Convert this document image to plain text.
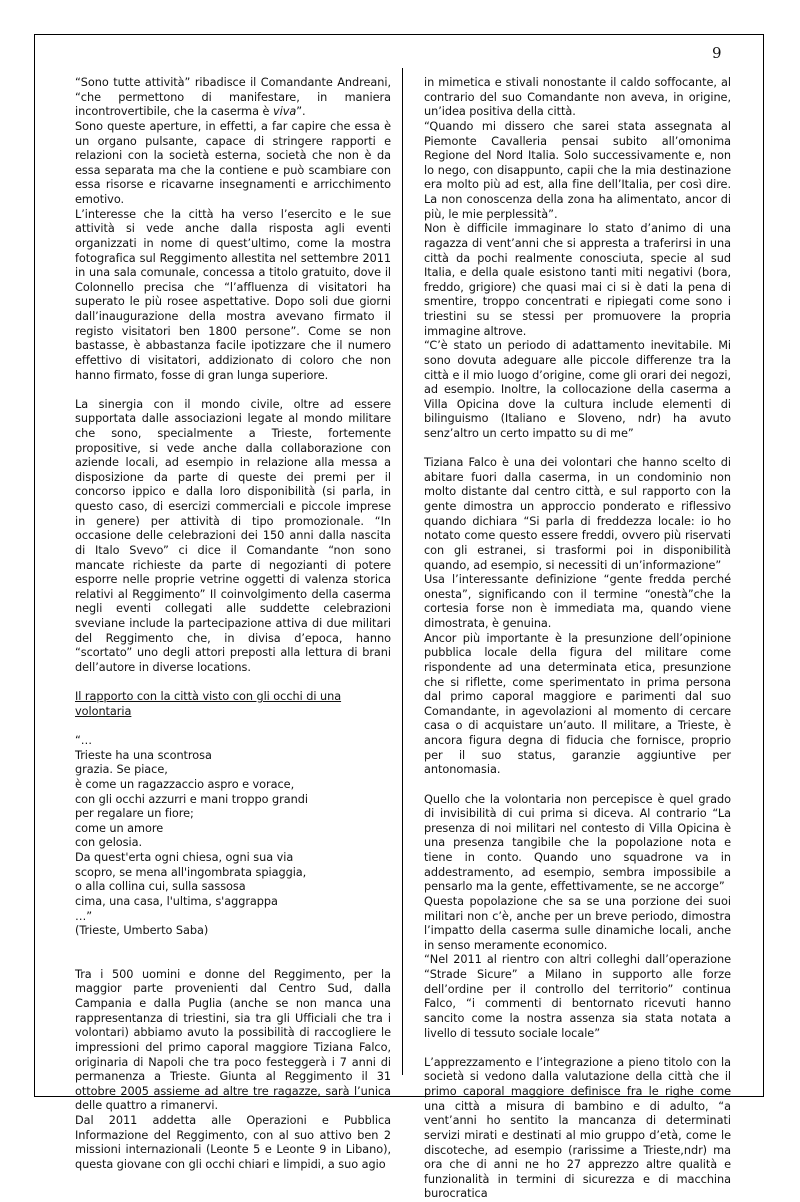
9

“Sono tutte attività” ribadisce il Comandante Andreani, “che permettono di manifestare, in maniera incontrovertibile, che la caserma è viva”.

Sono queste aperture, in effetti, a far capire che essa è un organo pulsante, capace di stringere rapporti e relazioni con la società esterna, società che non è da essa separata ma che la contiene e può scambiare con essa risorse e ricavarne insegnamenti e arricchimento emotivo.

L’interesse che la città ha verso l’esercito e le sue attività si vede anche dalla risposta agli eventi organizzati in nome di quest’ultimo, come la mostra fotografica sul Reggimento allestita nel settembre 2011 in una sala comunale, concessa a titolo gratuito, dove il Colonnello precisa che “l’affluenza di visitatori ha superato le più rosee aspettative. Dopo soli due giorni dall’inaugurazione della mostra avevano firmato il registo visitatori ben 1800 persone”. Come se non bastasse, è abbastanza facile ipotizzare che il numero effettivo di visitatori, addizionato di coloro che non hanno firmato, fosse di gran lunga superiore.

La sinergia con il mondo civile, oltre ad essere supportata dalle associazioni legate al mondo militare che sono, specialmente a Trieste, fortemente propositive, si vede anche dalla collaborazione con aziende locali, ad esempio in relazione alla messa a disposizione da parte di queste dei premi per il concorso ippico e dalla loro disponibilità (si parla, in questo caso, di esercizi commerciali e piccole imprese in genere) per attività di tipo promozionale. “In occasione delle celebrazioni dei 150 anni dalla nascita di Italo Svevo” ci dice il Comandante “non sono mancate richieste da parte di negozianti di potere esporre nelle proprie vetrine oggetti di valenza storica relativi al Reggimento” Il coinvolgimento della caserma negli eventi collegati alle suddette celebrazioni sveviane include la partecipazione attiva di due militari del Reggimento che, in divisa d’epoca, hanno “scortato” uno degli attori preposti alla lettura di brani dell’autore in diverse locations.

Il rapporto con la città visto con gli occhi di una volontaria

“…

Trieste ha una scontrosa

grazia. Se piace,

è come un ragazzaccio aspro e vorace,

con gli occhi azzurri e mani troppo grandi

per regalare un fiore;

come un amore

con gelosia.

Da quest'erta ogni chiesa, ogni sua via

scopro, se mena all'ingombrata spiaggia,

o alla collina cui, sulla sassosa

cima, una casa, l'ultima, s'aggrappa

…”

(Trieste, Umberto Saba)

Tra i 500 uomini e donne del Reggimento, per la maggior parte provenienti dal Centro Sud, dalla Campania e dalla Puglia (anche se non manca una rappresentanza di triestini, sia tra gli Ufficiali che tra i volontari) abbiamo avuto la possibilità di raccogliere le impressioni del primo caporal maggiore Tiziana Falco, originaria di Napoli che tra poco festeggerà i 7 anni di permanenza a Trieste. Giunta al Reggimento il 31 ottobre 2005 assieme ad altre tre ragazze, sarà l’unica delle quattro a rimanervi.

Dal 2011 addetta alle Operazioni e Pubblica Informazione del Reggimento, con al suo attivo ben 2 missioni internazionali (Leonte 5 e Leonte 9 in Libano), questa giovane con gli occhi chiari e limpidi, a suo agio

in mimetica e stivali nonostante il caldo soffocante, al contrario del suo Comandante non aveva, in origine, un’idea positiva della città.

“Quando mi dissero che sarei stata assegnata al Piemonte Cavalleria pensai subito all’omonima Regione del Nord Italia. Solo successivamente e, non lo nego, con disappunto, capii che la mia destinazione era molto più ad est, alla fine dell’Italia, per così dire. La non conoscenza della zona ha alimentato, ancor di più, le mie perplessità”.

Non è difficile immaginare lo stato d’animo di una ragazza di vent’anni che si appresta a traferirsi in una città da pochi realmente conosciuta, specie al sud Italia, e della quale esistono tanti miti negativi (bora, freddo, grigiore) che quasi mai ci si è dati la pena di smentire, troppo concentrati e ripiegati come sono i triestini su se stessi per promuovere la propria immagine altrove.

“C’è stato un periodo di adattamento inevitabile. Mi sono dovuta adeguare alle piccole differenze tra la città e il mio luogo d’origine, come gli orari dei negozi, ad esempio. Inoltre, la collocazione della caserma a Villa Opicina dove la cultura include elementi di bilinguismo (Italiano e Sloveno, ndr) ha avuto senz’altro un certo impatto su di me”

Tiziana Falco è una dei volontari che hanno scelto di abitare fuori dalla caserma, in un condominio non molto distante dal centro città, e sul rapporto con la gente dimostra un approccio ponderato e riflessivo quando dichiara “Si parla di freddezza locale: io ho notato come questo essere freddi, ovvero più riservati con gli estranei, si trasformi poi in disponibilità quando, ad esempio, si necessiti di un’informazione”

Usa l’interessante definizione “gente fredda perché onesta”, significando con il termine “onestà”che la cortesia forse non è immediata ma, quando viene dimostrata, è genuina.

Ancor più importante è la presunzione dell’opinione pubblica locale della figura del militare come rispondente ad una determinata etica, presunzione che si riflette, come sperimentato in prima persona dal primo caporal maggiore e parimenti dal suo Comandante, in agevolazioni al momento di cercare casa o di acquistare un’auto. Il militare, a Trieste, è ancora figura degna di fiducia che fornisce, proprio per il suo status, garanzie aggiuntive per antonomasia.

Quello che la volontaria non percepisce è quel grado di invisibilità di cui prima si diceva. Al contrario “La presenza di noi militari nel contesto di Villa Opicina è una presenza tangibile che la popolazione nota e tiene in conto. Quando uno squadrone va in addestramento, ad esempio, sembra impossibile a pensarlo ma la gente, effettivamente, se ne accorge”

Questa popolazione che sa se una porzione dei suoi militari non c’è, anche per un breve periodo, dimostra l’impatto della caserma sulle dinamiche locali, anche in senso meramente economico.

“Nel 2011 al rientro con altri colleghi dall’operazione “Strade Sicure” a Milano in supporto alle forze dell’ordine per il controllo del territorio” continua Falco, “i commenti di bentornato ricevuti hanno sancito come la nostra assenza sia stata notata a livello di tessuto sociale locale”

L’apprezzamento e l’integrazione a pieno titolo con la società si vedono dalla valutazione della città che il primo caporal maggiore definisce fra le righe come una città a misura di bambino e di adulto, “a vent’anni ho sentito la mancanza di determinati servizi mirati e destinati al mio gruppo d’età, come le discoteche, ad esempio (rarissime a Trieste,ndr) ma ora che di anni ne ho 27 apprezzo altre qualità e funzionalità in termini di sicurezza e di macchina burocratica
